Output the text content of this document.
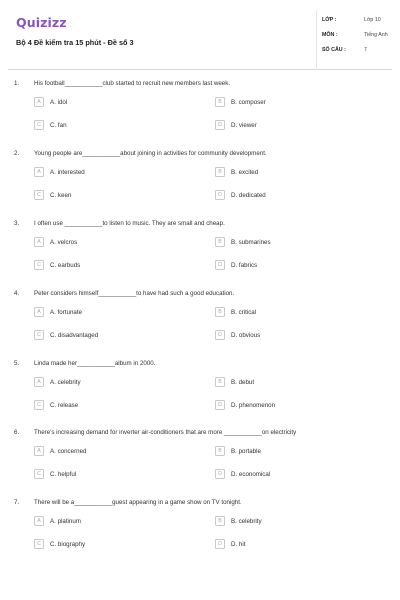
Quizizz
Bộ 4 Đề kiểm tra 15 phút - Đề số 3
LỚP :	Lớp 10
MÔN :	Tiếng Anh
SỐ CÂU :	7
1. His football___________club started to recruit new members last week.
A	A. idol	B	B. composer
C	C. fan	D	D. viewer
2. Young people are___________about joining in activities for community development.
A	A. interested	B	B. excited
C	C. keen	D	D. dedicated
3. I often use ___________to listen to music. They are small and cheap.
A	A. velcros	B	B. submarines
C	C. earbuds	D	D. fabrics
4. Peter considers himself___________to have had such a good education.
A	A. fortunate	B	B. critical
C	C. disadvantaged	D	D. obvious
5. Linda made her___________album in 2000.
A	A. celebrity	B	B. debut
C	C. release	D	D. phenomenon
6. There's increasing demand for inverter air-conditioners that are more ___________on electricity
A	A. concerned	B	B. portable
C	C. helpful	D	D. economical
7. There will be a___________guest appearing in a game show on TV tonight.
A	A. platinum	B	B. celebrity
C	C. biography	D	D. hit
